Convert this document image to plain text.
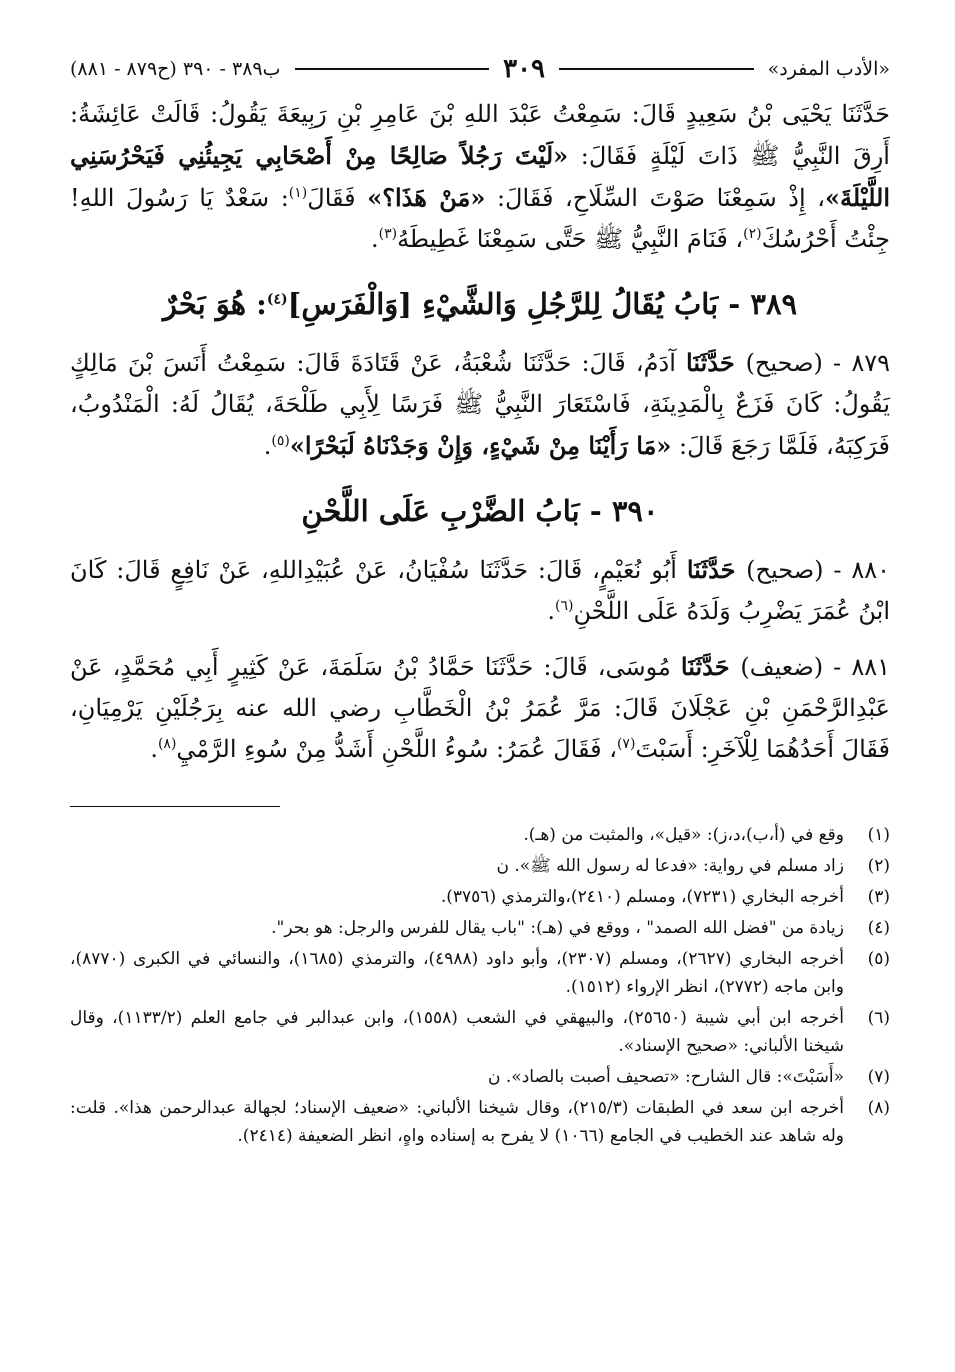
«الأدب المفرد»
٣٠٩
ب٣٨٩ - ٣٩٠ (ح٨٧٩ - ٨٨١)

حَدَّثَنَا يَحْيَى بْنُ سَعِيدٍ قَالَ: سَمِعْتُ عَبْدَ اللهِ بْنَ عَامِرِ بْنِ رَبِيعَةَ يَقُولُ: قَالَتْ عَائِشَةُ: أَرِقَ النَّبِيُّ ﷺ ذَاتَ لَيْلَةٍ فَقَالَ: «لَيْتَ رَجُلاً صَالِحًا مِنْ أَصْحَابِي يَجِيئُنِي فَيَحْرُسَنِي اللَّيْلَةَ»، إِذْ سَمِعْنَا صَوْتَ السِّلَاحِ، فَقَالَ: «مَنْ هَذَا؟» فَقَالَ$^{(١)}$: سَعْدٌ يَا رَسُولَ اللهِ! جِئْتُ أَحْرُسُكَ$^{(٢)}$، فَنَامَ النَّبِيُّ ﷺ حَتَّى سَمِعْنَا غَطِيطَهُ$^{(٣)}$.

٣٨٩ - بَابُ يُقَالُ لِلرَّجُلِ وَالشَّيْءِ [وَالْفَرَسِ]$^{(٤)}$: هُوَ بَحْرٌ

٨٧٩ - (صحيح) حَدَّثَنَا آدَمُ، قَالَ: حَدَّثَنَا شُعْبَةُ، عَنْ قَتَادَةَ قَالَ: سَمِعْتُ أَنَسَ بْنَ مَالِكٍ يَقُولُ: كَانَ فَزَعٌ بِالْمَدِينَةِ، فَاسْتَعَارَ النَّبِيُّ ﷺ فَرَسًا لِأَبِي طَلْحَةَ، يُقَالُ لَهُ: الْمَنْدُوبُ، فَرَكِبَهُ، فَلَمَّا رَجَعَ قَالَ: «مَا رَأَيْنَا مِنْ شَيْءٍ، وَإِنْ وَجَدْنَاهُ لَبَحْرًا»$^{(٥)}$.

٣٩٠ - بَابُ الضَّرْبِ عَلَى اللَّحْنِ

٨٨٠ - (صحيح) حَدَّثَنَا أَبُو نُعَيْمٍ، قَالَ: حَدَّثَنَا سُفْيَانُ، عَنْ عُبَيْدِاللهِ، عَنْ نَافِعٍ قَالَ: كَانَ ابْنُ عُمَرَ يَضْرِبُ وَلَدَهُ عَلَى اللَّحْنِ$^{(٦)}$.

٨٨١ - (ضعيف) حَدَّثَنَا مُوسَى، قَالَ: حَدَّثَنَا حَمَّادُ بْنُ سَلَمَةَ، عَنْ كَثِيرٍ أَبِي مُحَمَّدٍ، عَنْ عَبْدِالرَّحْمَنِ بْنِ عَجْلَانَ قَالَ: مَرَّ عُمَرُ بْنُ الْخَطَّابِ رضي الله عنه بِرَجُلَيْنِ يَرْمِيَانِ، فَقَالَ أَحَدُهُمَا لِلْآخَرِ: أَسَبْتَ$^{(٧)}$، فَقَالَ عُمَرُ: سُوءُ اللَّحْنِ أَشَدُّ مِنْ سُوءِ الرَّمْيِ$^{(٨)}$.

(١)
وقع في (أ،ب)،د،ز): «قيل»، والمثبت من (هـ).
(٢)
زاد مسلم في رواية: «فدعا له رسول الله ﷺ». ن
(٣)
أخرجه البخاري (٧٢٣١)، ومسلم (٢٤١٠)،والترمذي (٣٧٥٦).
(٤)
زيادة من "فضل الله الصمد" ، ووقع في (هـ): "باب يقال للفرس والرجل: هو بحر".
(٥)
أخرجه البخاري (٢٦٢٧)، ومسلم (٢٣٠٧)، وأبو داود (٤٩٨٨)، والترمذي (١٦٨٥)، والنسائي في الكبرى (٨٧٧٠)، وابن ماجه (٢٧٧٢)، انظر الإرواء (١٥١٢).
(٦)
أخرجه ابن أبي شيبة (٢٥٦٥٠)، والبيهقي في الشعب (١٥٥٨)، وابن عبدالبر في جامع العلم (١١٣٣/٢)، وقال شيخنا الألباني: «صحيح الإسناد».
(٧)
«أَسَبْتَ»: قال الشارح: «تصحيف أصبت بالصاد». ن
(٨)
أخرجه ابن سعد في الطبقات (٢١٥/٣)، وقال شيخنا الألباني: «ضعيف الإسناد؛ لجهالة عبدالرحمن هذا». قلت: وله شاهد عند الخطيب في الجامع (١٠٦٦) لا يفرح به إسناده واهٍ، انظر الضعيفة (٢٤١٤).
